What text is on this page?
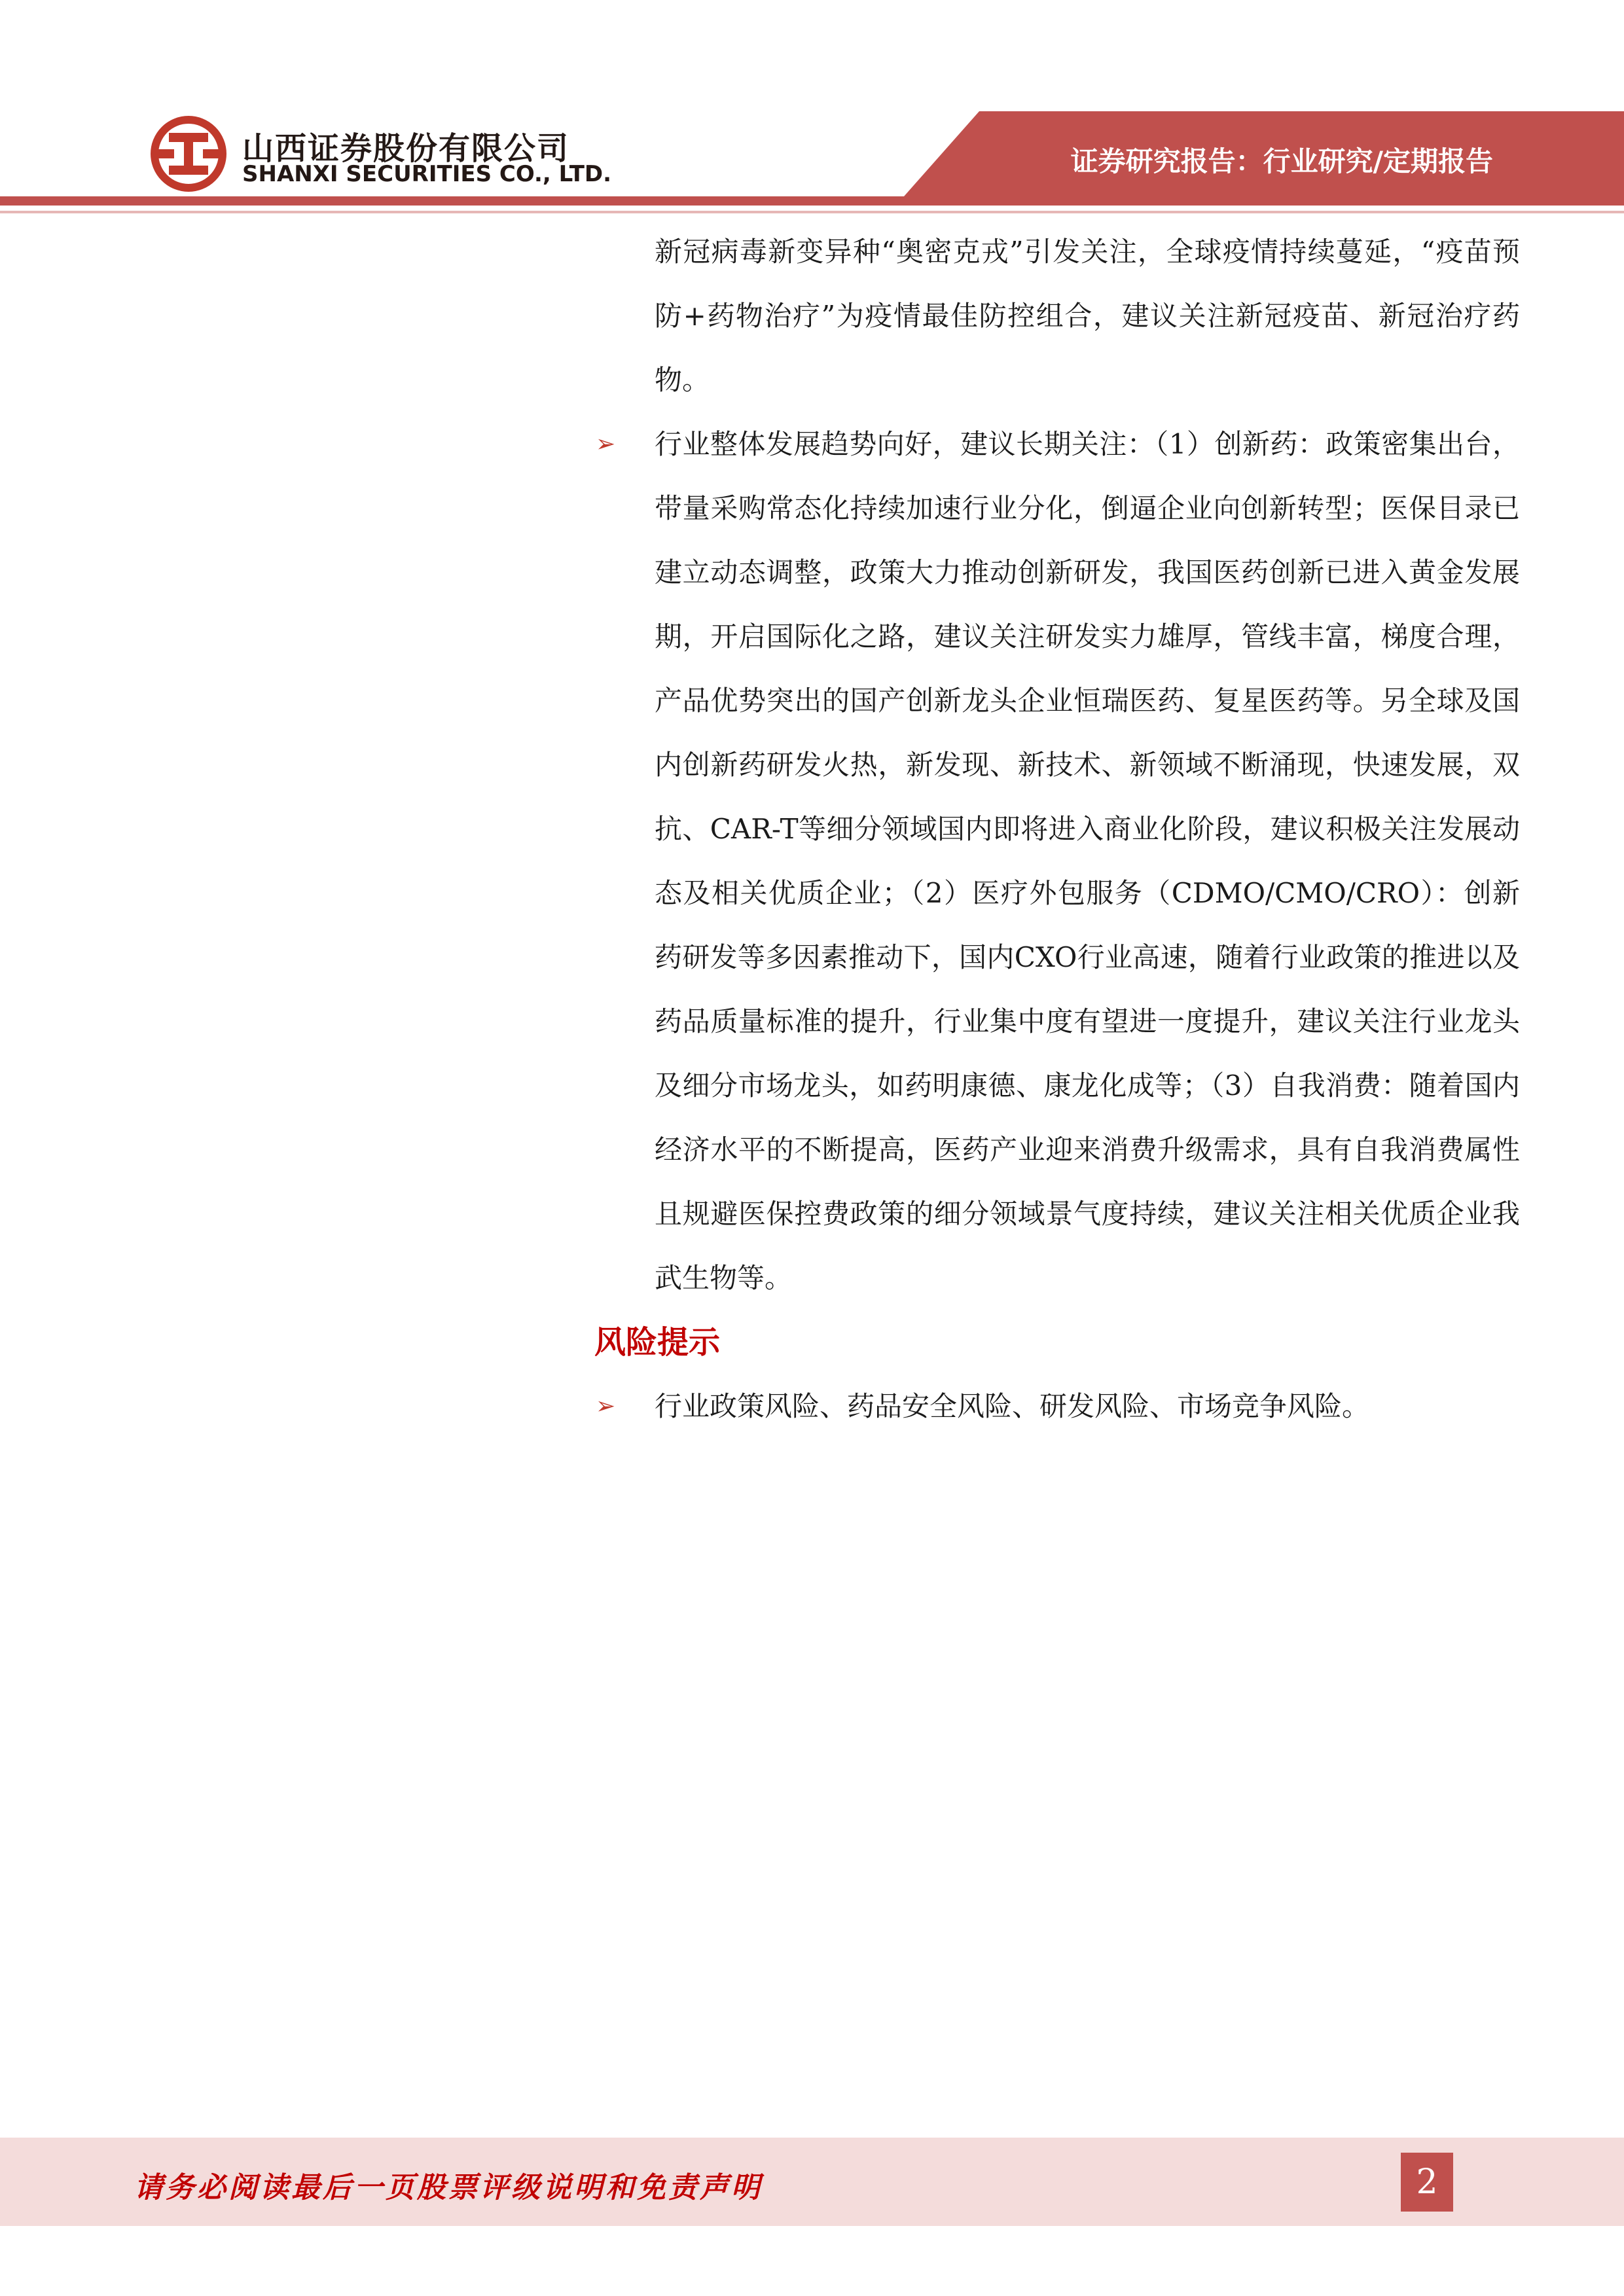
山西证券股份有限公司
SHANXI SECURITIES CO., LTD.	证券研究报告：行业研究/定期报告

新冠病毒新变异种“奥密克戎”引发关注，全球疫情持续蔓延，“疫苗预防+药物治疗”为疫情最佳防控组合，建议关注新冠疫苗、新冠治疗药物。

➢ 行业整体发展趋势向好，建议长期关注：（1）创新药：政策密集出台，带量采购常态化持续加速行业分化，倒逼企业向创新转型；医保目录已建立动态调整，政策大力推动创新研发，我国医药创新已进入黄金发展期，开启国际化之路，建议关注研发实力雄厚，管线丰富，梯度合理，产品优势突出的国产创新龙头企业恒瑞医药、复星医药等。另全球及国内创新药研发火热，新发现、新技术、新领域不断涌现，快速发展，双抗、CAR-T等细分领域国内即将进入商业化阶段，建议积极关注发展动态及相关优质企业；（2）医疗外包服务（CDMO/CMO/CRO）：创新药研发等多因素推动下，国内CXO行业高速，随着行业政策的推进以及药品质量标准的提升，行业集中度有望进一度提升，建议关注行业龙头及细分市场龙头，如药明康德、康龙化成等；（3）自我消费：随着国内经济水平的不断提高，医药产业迎来消费升级需求，具有自我消费属性且规避医保控费政策的细分领域景气度持续，建议关注相关优质企业我武生物等。

风险提示
➢ 行业政策风险、药品安全风险、研发风险、市场竞争风险。

请务必阅读最后一页股票评级说明和免责声明	2
